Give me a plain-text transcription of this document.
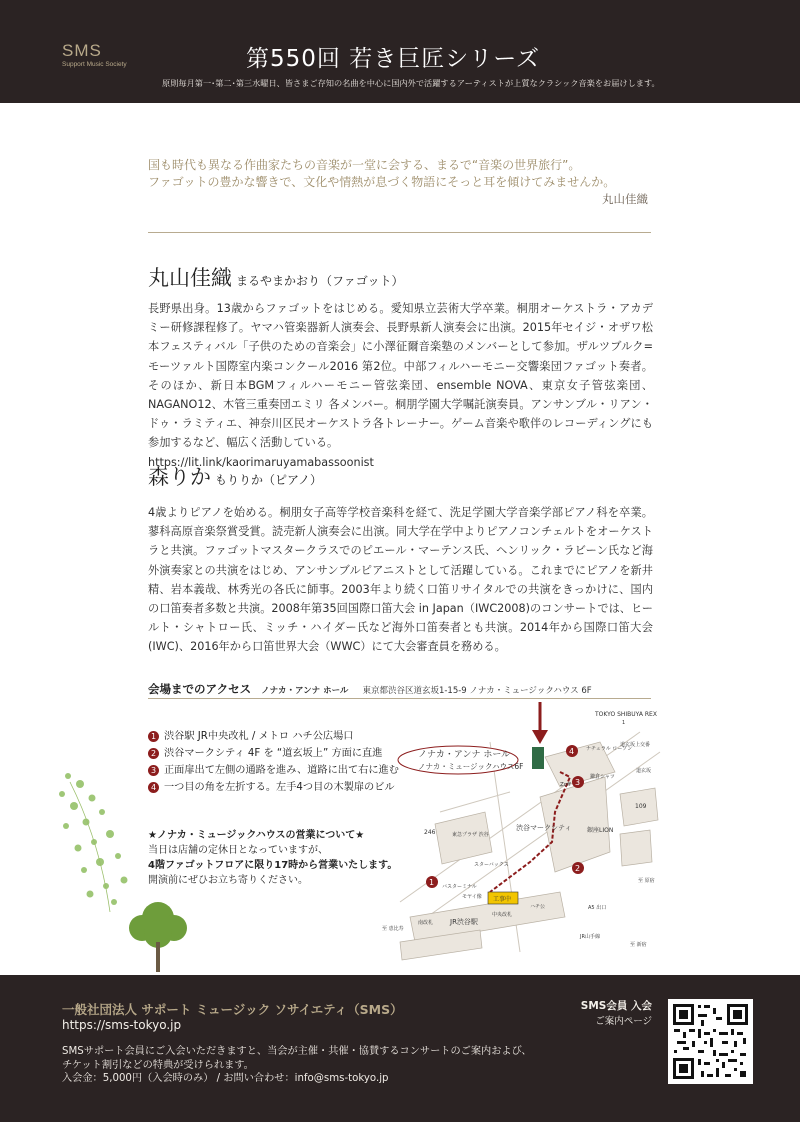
SMS
Support Music Society	第550回 若き巨匠シリーズ
原則毎月第一･第二･第三水曜日、皆さまご存知の名曲を中心に国内外で活躍するアーティストが上質なクラシック音楽をお届けします。
国も時代も異なる作曲家たちの音楽が一堂に会する、まるで“音楽の世界旅行”。
ファゴットの豊かな響きで、文化や情熱が息づく物語にそっと耳を傾けてみませんか。
丸山佳織
丸山佳織 まるやまかおり（ファゴット）
長野県出身。13歳からファゴットをはじめる。愛知県立芸術大学卒業。桐朋オーケストラ・アカデミー研修課程修了。ヤマハ管楽器新人演奏会、長野県新人演奏会に出演。2015年セイジ・オザワ松本フェスティバル「子供のための音楽会」に小澤征爾音楽塾のメンバーとして参加。ザルツブルク=モーツァルト国際室内楽コンクール2016 第2位。中部フィルハーモニー交響楽団ファゴット奏者。そのほか、新日本BGMフィルハーモニー管弦楽団、ensemble NOVA、東京女子管弦楽団、NAGANO12、木管三重奏団エミリ 各メンバー。桐朋学園大学嘱託演奏員。アンサンブル・リアン・ドゥ・ラミティエ、神奈川区民オーケストラ各トレーナー。ゲーム音楽や歌伴のレコーディングにも参加するなど、幅広く活動している。
https://lit.link/kaorimaruyamabassoonist
森りか もりりか（ピアノ）
4歳よりピアノを始める。桐朋女子高等学校音楽科を経て、洗足学園大学音楽学部ピアノ科を卒業。蓼科高原音楽祭賞受賞。読売新人演奏会に出演。同大学在学中よりピアノコンチェルトをオーケストラと共演。ファゴットマスタークラスでのピエール・マーテンス氏、ヘンリック・ラビーン氏など海外演奏家との共演をはじめ、アンサンブルピアニストとして活躍している。これまでにピアノを新井精、岩本義哉、林秀光の各氏に師事。2003年より続く口笛リサイタルでの共演をきっかけに、国内の口笛奏者多数と共演。2008年第35回国際口笛大会 in Japan（IWC2008)のコンサートでは、ヒールト・シャトロー氏、ミッチ・ハイダー氏など海外口笛奏者とも共演。2014年から国際口笛大会(IWC)、2016年から口笛世界大会（WWC）にて大会審査員を務める。
会場までのアクセス ノナカ・アンナ ホール 東京都渋谷区道玄坂1-15-9 ノナカ・ミュージックハウス 6F
1 渋谷駅 JR中央改札 / メトロ ハチ公広場口
2 渋谷マークシティ 4F を “道玄坂上” 方面に直進
3 正面扉出て左側の通路を進み、道路に出て右に進む
4 一つ目の角を左折する。左手4つ目の木製扉のビル
★ノナカ・ミュージックハウスの営業について★
当日は店舗の定休日となっていますが、
4階ファゴットフロアに限り17時から営業いたします。
開演前にぜひお立ち寄りください。
4
3
2
1
TOKYO SHIBUYA REX
ノナカ・アンナ ホール
ノナカ・ミュージックハウス6F
道玄坂上交番
ナチュラル ローソン
鎌倉シャツ
Zoff
109
銀座LION
渋谷マークシティ
東急プラザ 渋谷
スターバックス
バスターミナル
モヤイ像
ハチ公	A5 出口
工事中
JR渋谷駅
南改札
中央改札
JR山手線
246
道玄坂
1
至 恵比寿
至 新宿
至 原宿
一般社団法人 サポート ミュージック ソサイエティ（SMS）
https://sms-tokyo.jp
SMSサポート会員にご入会いただきますと、当会が主催・共催・協賛するコンサートのご案内および、
チケット割引などの特典が受けられます。
入会金：5,000円（入会時のみ） / お問い合わせ：info@sms-tokyo.jp
SMS会員 入会
ご案内ページ
